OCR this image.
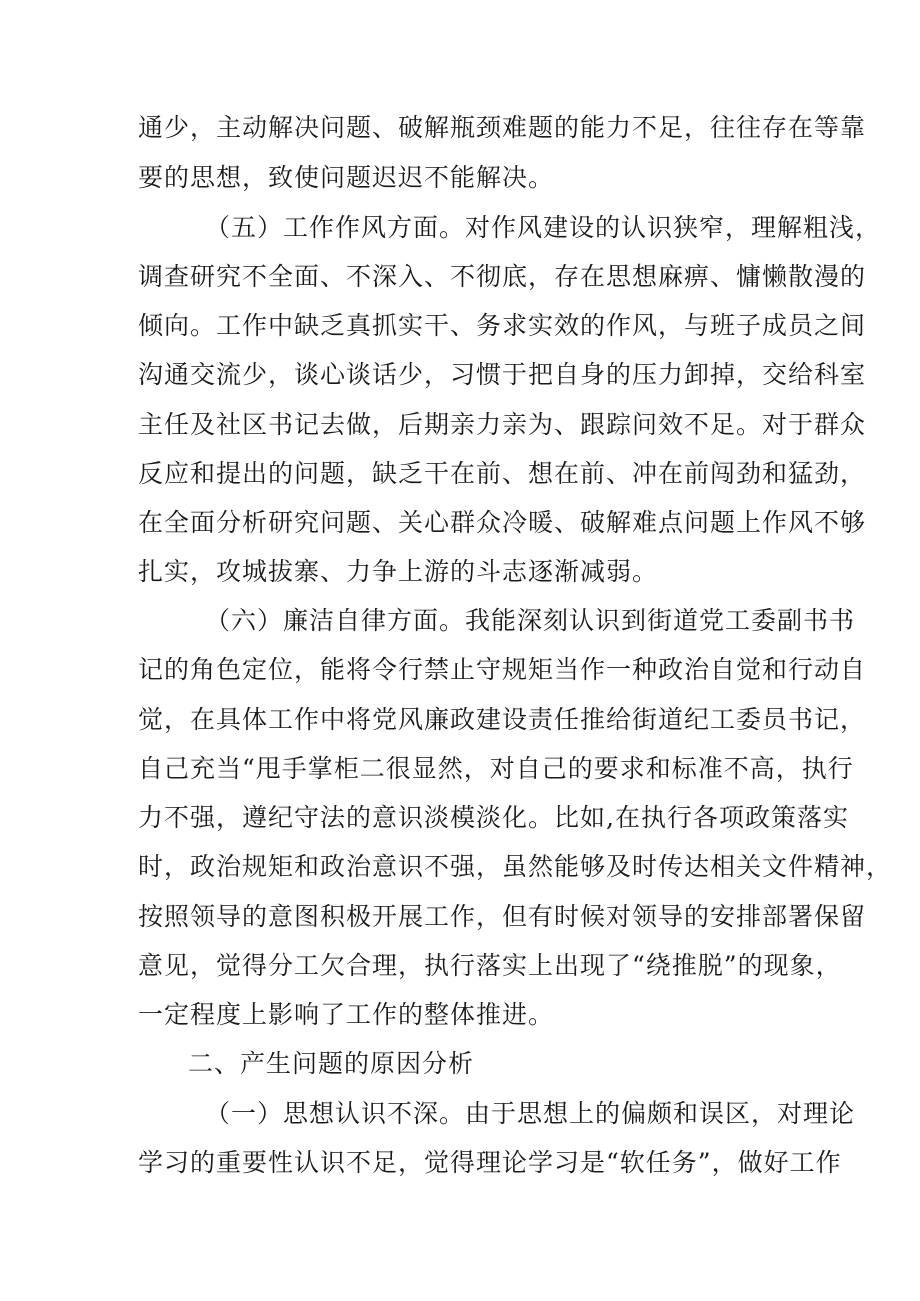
通少，主动解决问题、破解瓶颈难题的能力不足，往往存在等靠
要的思想，致使问题迟迟不能解决。
（五）工作作风方面。对作风建设的认识狭窄，理解粗浅，
调查研究不全面、不深入、不彻底，存在思想麻痹、慵懒散漫的
倾向。工作中缺乏真抓实干、务求实效的作风，与班子成员之间
沟通交流少，谈心谈话少，习惯于把自身的压力卸掉，交给科室
主任及社区书记去做，后期亲力亲为、跟踪问效不足。对于群众
反应和提出的问题，缺乏干在前、想在前、冲在前闯劲和猛劲，
在全面分析研究问题、关心群众冷暖、破解难点问题上作风不够
扎实，攻城拔寨、力争上游的斗志逐渐减弱。
（六）廉洁自律方面。我能深刻认识到街道党工委副书书
记的角色定位，能将令行禁止守规矩当作一种政治自觉和行动自
觉，在具体工作中将党风廉政建设责任推给街道纪工委员书记，
自己充当“甩手掌柜二很显然，对自己的要求和标准不高，执行
力不强，遵纪守法的意识淡模淡化。比如,在执行各项政策落实
时，政治规矩和政治意识不强，虽然能够及时传达相关文件精神，
按照领导的意图积极开展工作，但有时候对领导的安排部署保留
意见，觉得分工欠合理，执行落实上出现了“绕推脱”的现象，
一定程度上影响了工作的整体推进。
二、产生问题的原因分析
（一）思想认识不深。由于思想上的偏颇和误区，对理论
学习的重要性认识不足，觉得理论学习是“软任务”，做好工作
